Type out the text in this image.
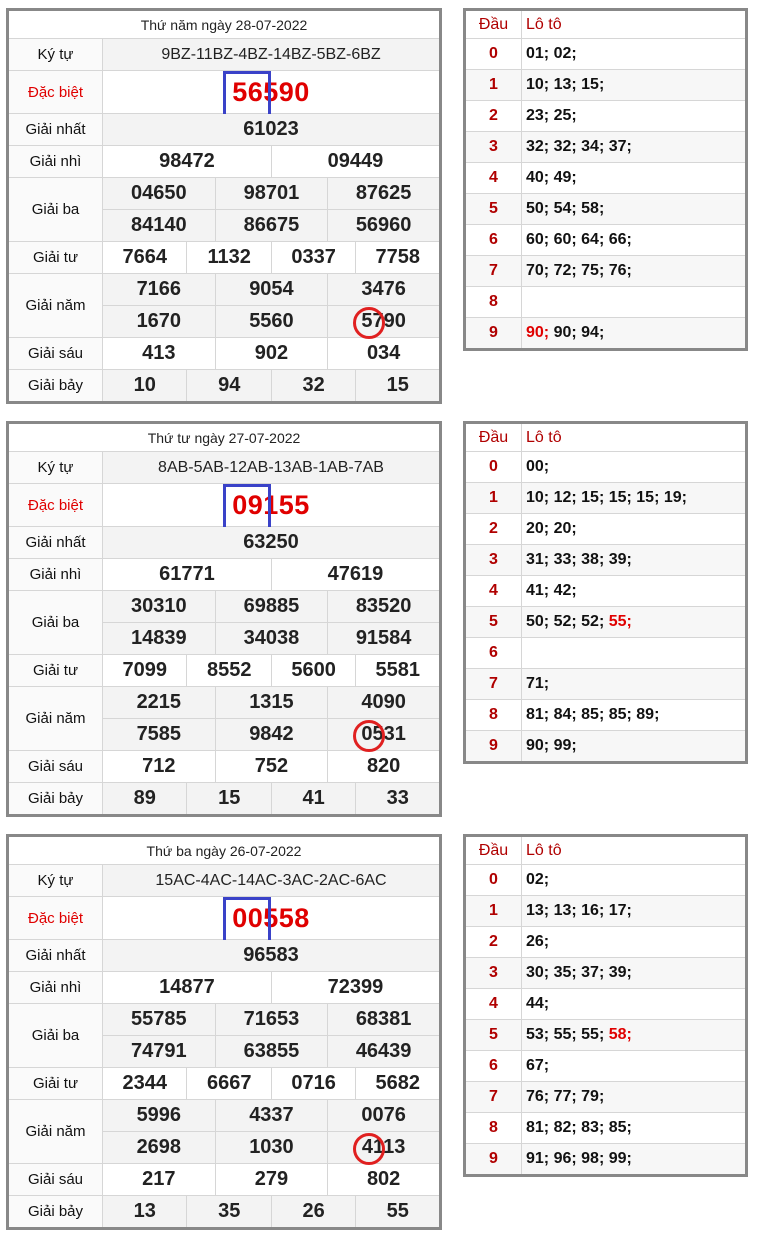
Thứ năm ngày 28-07-2022						
Ký tự	9BZ-11BZ-4BZ-14BZ-5BZ-6BZ					
Đặc biệt	56590					
Giải nhất	61023					
Giải nhì	98472			09449		
Giải ba	04650		98701		87625	
	84140		86675		56960	
Giải tư	7664	1132		0337		7758
Giải năm	7166		9054		3476	
	1670		5560		5790	

Giải sáu	413		902		034	
Giải bảy	10	94		32		15
Đầu	Lô tô
0	01; 02;
1	10; 13; 15;
2	23; 25;
3	32; 32; 34; 37;
4	40; 49;
5	50; 54; 58;
6	60; 60; 64; 66;
7	70; 72; 75; 76;
8	
9	90; 90; 94;
Thứ tư ngày 27-07-2022						
Ký tự	8AB-5AB-12AB-13AB-1AB-7AB					
Đặc biệt	09155					
Giải nhất	63250					
Giải nhì	61771			47619		
Giải ba	30310		69885		83520	
	14839		34038		91584	
Giải tư	7099	8552		5600		5581
Giải năm	2215		1315		4090	
	7585		9842		0531	

Giải sáu	712		752		820	
Giải bảy	89	15		41		33
Đầu	Lô tô
0	00;
1	10; 12; 15; 15; 15; 19;
2	20; 20;
3	31; 33; 38; 39;
4	41; 42;
5	50; 52; 52; 55;
6	
7	71;
8	81; 84; 85; 85; 89;
9	90; 99;
Thứ ba ngày 26-07-2022						
Ký tự	15AC-4AC-14AC-3AC-2AC-6AC					
Đặc biệt	00558					
Giải nhất	96583					
Giải nhì	14877			72399		
Giải ba	55785		71653		68381	
	74791		63855		46439	
Giải tư	2344	6667		0716		5682
Giải năm	5996		4337		0076	
	2698		1030		4113	

Giải sáu	217		279		802	
Giải bảy	13	35		26		55
Đầu	Lô tô
0	02;
1	13; 13; 16; 17;
2	26;
3	30; 35; 37; 39;
4	44;
5	53; 55; 55; 58;
6	67;
7	76; 77; 79;
8	81; 82; 83; 85;
9	91; 96; 98; 99;
